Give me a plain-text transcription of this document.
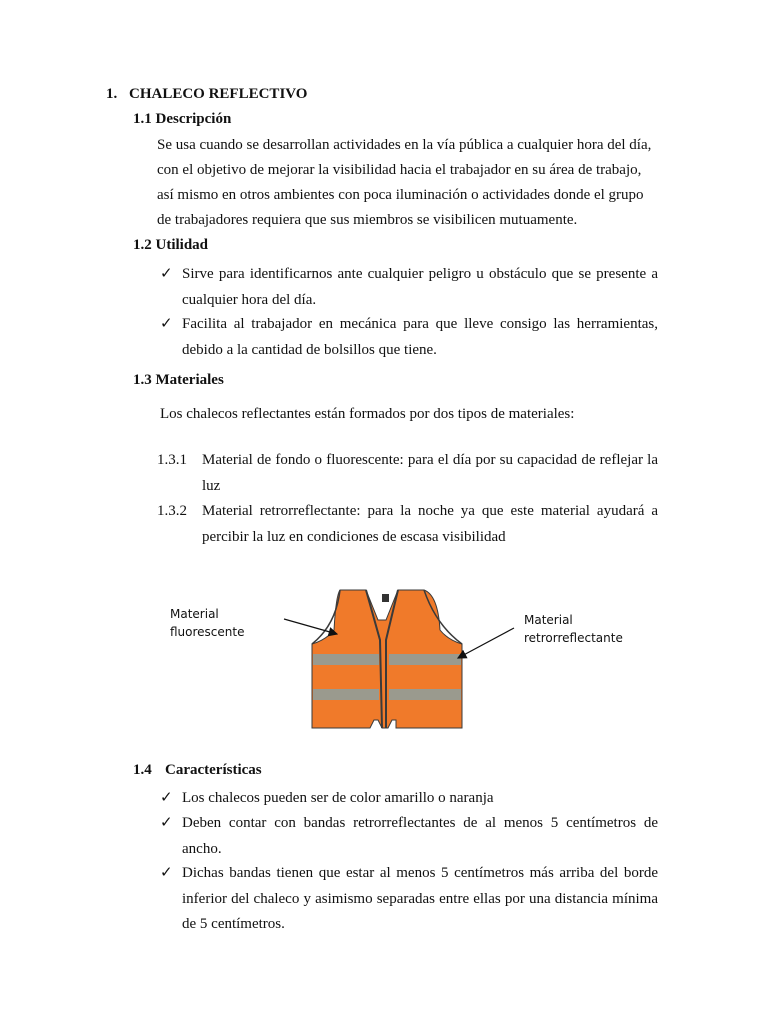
1. CHALECO REFLECTIVO
1.1 Descripción
Se usa cuando se desarrollan actividades en la vía pública a cualquier hora del día,
con el objetivo de mejorar la visibilidad hacia el trabajador en su área de trabajo,
así mismo en otros ambientes con poca iluminación o actividades donde el grupo
de trabajadores requiera que sus miembros se visibilicen mutuamente.
1.2 Utilidad
✓ Sirve para identificarnos ante cualquier peligro u obstáculo que se presente a cualquier hora del día.
✓ Facilita al trabajador en mecánica para que lleve consigo las herramientas, debido a la cantidad de bolsillos que tiene.
1.3 Materiales
Los chalecos reflectantes están formados por dos tipos de materiales:
1.3.1 Material de fondo o fluorescente: para el día por su capacidad de reflejar la luz
1.3.2 Material retrorreflectante: para la noche ya que este material ayudará a percibir la luz en condiciones de escasa visibilidad
Material
fluorescente
Material
retrorreflectante
1.4 Características
✓ Los chalecos pueden ser de color amarillo o naranja
✓ Deben contar con bandas retrorreflectantes de al menos 5 centímetros de ancho.
✓ Dichas bandas tienen que estar al menos 5 centímetros más arriba del borde inferior del chaleco y asimismo separadas entre ellas por una distancia mínima de 5 centímetros.
